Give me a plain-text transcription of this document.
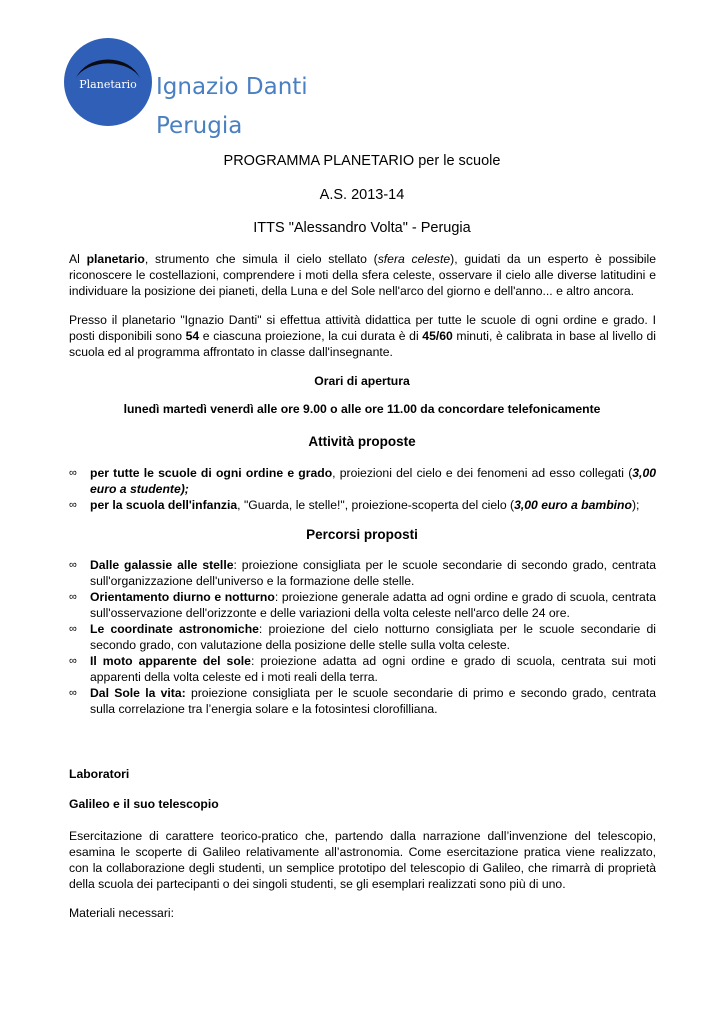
Planetario Ignazio Danti
Perugia
PROGRAMMA PLANETARIO per le scuole
A.S. 2013-14
ITTS "Alessandro Volta" - Perugia
Al planetario, strumento che simula il cielo stellato (sfera celeste), guidati da un esperto è possibile riconoscere le costellazioni, comprendere i moti della sfera celeste, osservare il cielo alle diverse latitudini e individuare la posizione dei pianeti, della Luna e del Sole nell'arco del giorno e dell'anno... e altro ancora.
Presso il planetario "Ignazio Danti" si effettua attività didattica per tutte le scuole di ogni ordine e grado. I posti disponibili sono 54 e ciascuna proiezione, la cui durata è di 45/60 minuti, è calibrata in base al livello di scuola ed al programma affrontato in classe dall'insegnante.
Orari di apertura
lunedì martedì venerdì alle ore 9.00 o alle ore 11.00 da concordare telefonicamente
Attività proposte
∞ per tutte le scuole di ogni ordine e grado, proiezioni del cielo e dei fenomeni ad esso collegati (3,00 euro a studente);
∞ per la scuola dell'infanzia, "Guarda, le stelle!", proiezione-scoperta del cielo (3,00 euro a bambino);
Percorsi proposti
∞ Dalle galassie alle stelle: proiezione consigliata per le scuole secondarie di secondo grado, centrata sull'organizzazione dell'universo e la formazione delle stelle.
∞ Orientamento diurno e notturno: proiezione generale adatta ad ogni ordine e grado di scuola, centrata sull'osservazione dell'orizzonte e delle variazioni della volta celeste nell'arco delle 24 ore.
∞ Le coordinate astronomiche: proiezione del cielo notturno consigliata per le scuole secondarie di secondo grado, con valutazione della posizione delle stelle sulla volta celeste.
∞ Il moto apparente del sole: proiezione adatta ad ogni ordine e grado di scuola, centrata sui moti apparenti della volta celeste ed i moti reali della terra.
∞ Dal Sole la vita: proiezione consigliata per le scuole secondarie di primo e secondo grado, centrata sulla correlazione tra l’energia solare e la fotosintesi clorofilliana.
Laboratori
Galileo e il suo telescopio
Esercitazione di carattere teorico-pratico che, partendo dalla narrazione dall’invenzione del telescopio, esamina le scoperte di Galileo relativamente all’astronomia. Come esercitazione pratica viene realizzato, con la collaborazione degli studenti, un semplice prototipo del telescopio di Galileo, che rimarrà di proprietà della scuola dei partecipanti o dei singoli studenti, se gli esemplari realizzati sono più di uno.
Materiali necessari:
